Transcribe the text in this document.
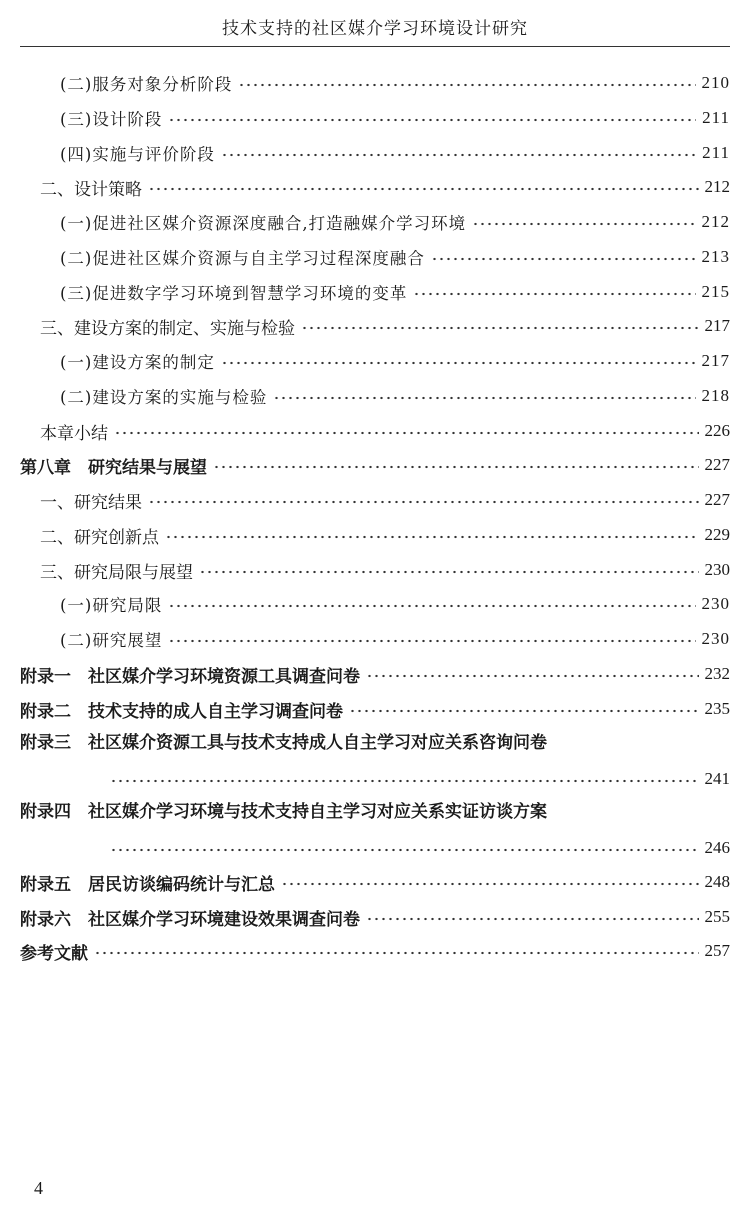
技术支持的社区媒介学习环境设计研究
(二)服务对象分析阶段	210
(三)设计阶段	211
(四)实施与评价阶段	211
二、设计策略	212
(一)促进社区媒介资源深度融合,打造融媒介学习环境	212
(二)促进社区媒介资源与自主学习过程深度融合	213
(三)促进数字学习环境到智慧学习环境的变革	215
三、建设方案的制定、实施与检验	217
(一)建设方案的制定	217
(二)建设方案的实施与检验	218
本章小结	226
第八章　研究结果与展望	227
一、研究结果	227
二、研究创新点	229
三、研究局限与展望	230
(一)研究局限	230
(二)研究展望	230
附录一　社区媒介学习环境资源工具调查问卷	232
附录二　技术支持的成人自主学习调查问卷	235
附录三　社区媒介资源工具与技术支持成人自主学习对应关系咨询问卷
241
附录四　社区媒介学习环境与技术支持自主学习对应关系实证访谈方案
246
附录五　居民访谈编码统计与汇总	248
附录六　社区媒介学习环境建设效果调查问卷	255
参考文献	257
4
